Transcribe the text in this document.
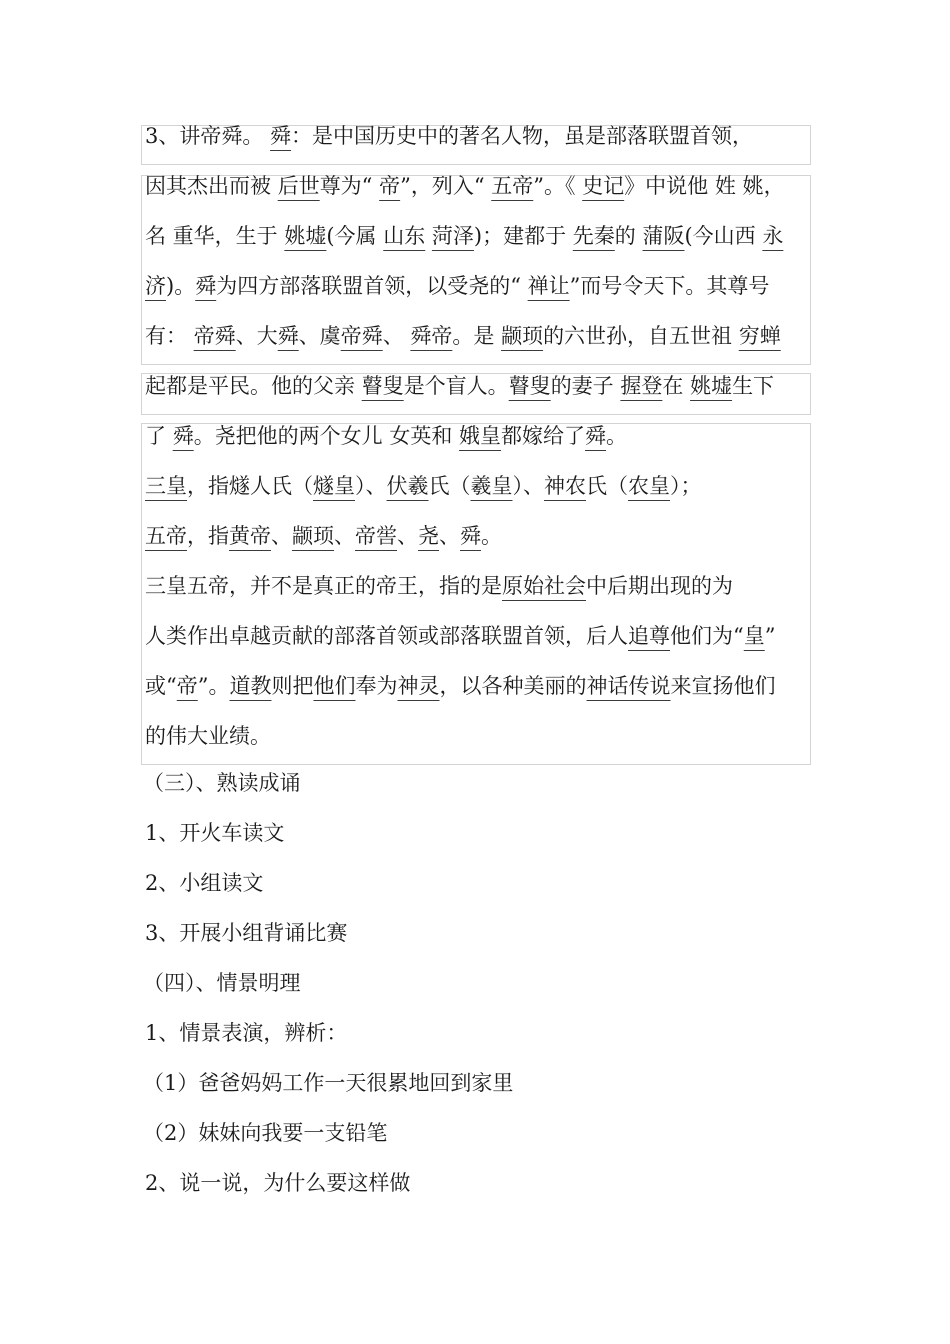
3、讲帝舜。 舜：是中国历史中的著名人物，虽是部落联盟首领，
因其杰出而被 后世尊为“ 帝”，列入“ 五帝”。《 史记》中说他 姓 姚，
名 重华，生于 姚墟(今属 山东 菏泽)；建都于 先秦的 蒲阪(今山西 永
济)。舜为四方部落联盟首领，以受尧的“ 禅让”而号令天下。其尊号
有： 帝舜、大舜、虞帝舜、 舜帝。是 颛顼的六世孙，自五世祖 穷蝉
起都是平民。他的父亲 瞽叟是个盲人。瞽叟的妻子 握登在 姚墟生下
了 舜。尧把他的两个女儿 女英和 娥皇都嫁给了舜。
三皇，指燧人氏（燧皇）、伏羲氏（羲皇）、神农氏（农皇）；
五帝，指黄帝、颛顼、帝喾、尧、舜。
三皇五帝，并不是真正的帝王，指的是原始社会中后期出现的为
人类作出卓越贡献的部落首领或部落联盟首领，后人追尊他们为“皇”
或“帝”。道教则把他们奉为神灵，以各种美丽的神话传说来宣扬他们
的伟大业绩。
（三）、熟读成诵
1、开火车读文
2、小组读文
3、开展小组背诵比赛
（四）、情景明理
1、情景表演，辨析：
（1）爸爸妈妈工作一天很累地回到家里
（2）妹妹向我要一支铅笔
2、说一说，为什么要这样做
